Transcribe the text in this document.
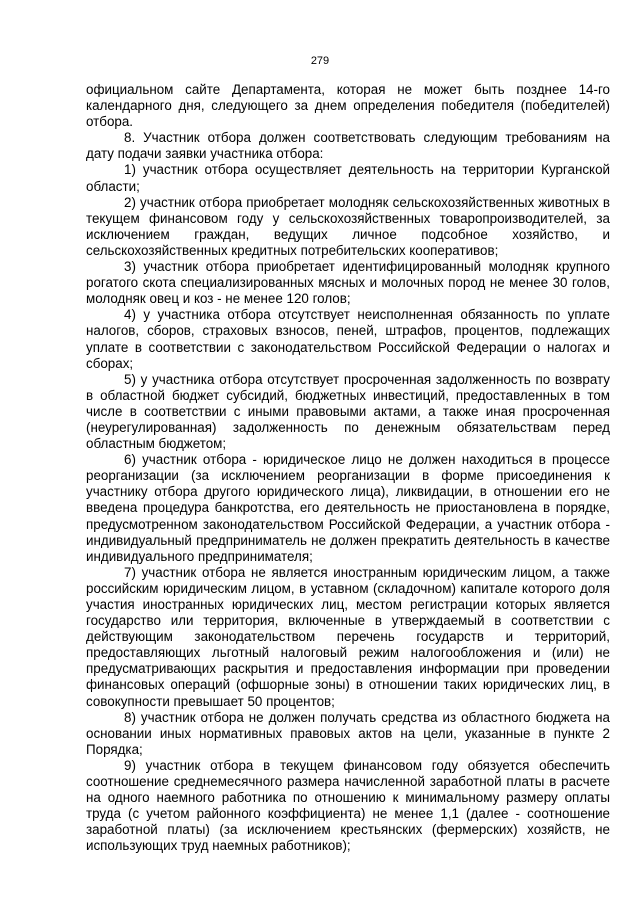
279

официальном сайте Департамента, которая не может быть позднее 14-го календарного дня, следующего за днем определения победителя (победителей) отбора.

8. Участник отбора должен соответствовать следующим требованиям на дату подачи заявки участника отбора:

1) участник отбора осуществляет деятельность на территории Курганской области;

2) участник отбора приобретает молодняк сельскохозяйственных животных в текущем финансовом году у сельскохозяйственных товаропроизводителей, за исключением граждан, ведущих личное подсобное хозяйство, и сельскохозяйственных кредитных потребительских кооперативов;

3) участник отбора приобретает идентифицированный молодняк крупного рогатого скота специализированных мясных и молочных пород не менее 30 голов, молодняк овец и коз - не менее 120 голов;

4) у участника отбора отсутствует неисполненная обязанность по уплате налогов, сборов, страховых взносов, пеней, штрафов, процентов, подлежащих уплате в соответствии с законодательством Российской Федерации о налогах и сборах;

5) у участника отбора отсутствует просроченная задолженность по возврату в областной бюджет субсидий, бюджетных инвестиций, предоставленных в том числе в соответствии с иными правовыми актами, а также иная просроченная (неурегулированная) задолженность по денежным обязательствам перед областным бюджетом;

6) участник отбора - юридическое лицо не должен находиться в процессе реорганизации (за исключением реорганизации в форме присоединения к участнику отбора другого юридического лица), ликвидации, в отношении его не введена процедура банкротства, его деятельность не приостановлена в порядке, предусмотренном законодательством Российской Федерации, а участник отбора - индивидуальный предприниматель не должен прекратить деятельность в качестве индивидуального предпринимателя;

7) участник отбора не является иностранным юридическим лицом, а также российским юридическим лицом, в уставном (складочном) капитале которого доля участия иностранных юридических лиц, местом регистрации которых является государство или территория, включенные в утверждаемый в соответствии с действующим законодательством перечень государств и территорий, предоставляющих льготный налоговый режим налогообложения и (или) не предусматривающих раскрытия и предоставления информации при проведении финансовых операций (офшорные зоны) в отношении таких юридических лиц, в совокупности превышает 50 процентов;

8) участник отбора не должен получать средства из областного бюджета на основании иных нормативных правовых актов на цели, указанные в пункте 2 Порядка;

9) участник отбора в текущем финансовом году обязуется обеспечить соотношение среднемесячного размера начисленной заработной платы в расчете на одного наемного работника по отношению к минимальному размеру оплаты труда (с учетом районного коэффициента) не менее 1,1 (далее - соотношение заработной платы) (за исключением крестьянских (фермерских) хозяйств, не использующих труд наемных работников);
